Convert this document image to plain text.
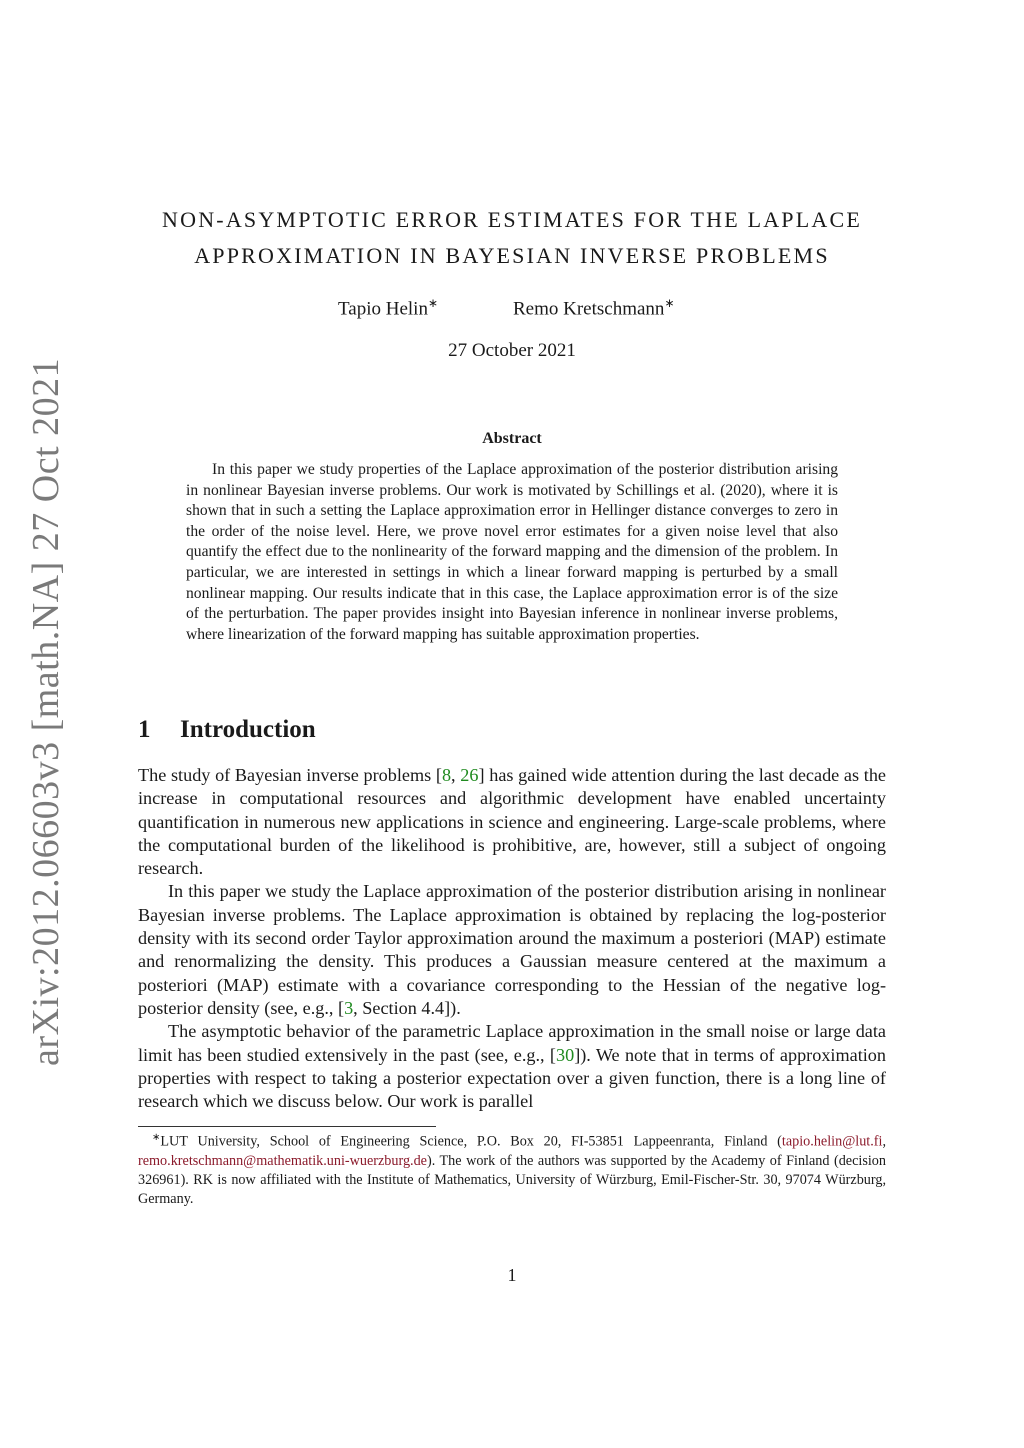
arXiv:2012.06603v3 [math.NA] 27 Oct 2021
NON-ASYMPTOTIC ERROR ESTIMATES FOR THE LAPLACE
APPROXIMATION IN BAYESIAN INVERSE PROBLEMS
Tapio Helin∗	Remo Kretschmann∗
27 October 2021
Abstract
In this paper we study properties of the Laplace approximation of the posterior distribution arising in nonlinear Bayesian inverse problems. Our work is motivated by Schillings et al. (2020), where it is shown that in such a setting the Laplace approximation error in Hellinger distance converges to zero in the order of the noise level. Here, we prove novel error estimates for a given noise level that also quantify the effect due to the nonlinearity of the forward mapping and the dimension of the problem. In particular, we are interested in settings in which a linear forward mapping is perturbed by a small nonlinear mapping. Our results indicate that in this case, the Laplace approximation error is of the size of the perturbation. The paper provides insight into Bayesian inference in nonlinear inverse problems, where linearization of the forward mapping has suitable approximation properties.
1 Introduction

The study of Bayesian inverse problems [8, 26] has gained wide attention during the last decade as the increase in computational resources and algorithmic development have enabled uncertainty quantification in numerous new applications in science and engineering. Large-scale problems, where the computational burden of the likelihood is prohibitive, are, however, still a subject of ongoing research.

In this paper we study the Laplace approximation of the posterior distribution arising in nonlinear Bayesian inverse problems. The Laplace approximation is obtained by replacing the log-posterior density with its second order Taylor approximation around the maximum a posteriori (MAP) estimate and renormalizing the density. This produces a Gaussian measure centered at the maximum a posteriori (MAP) estimate with a covariance corresponding to the Hessian of the negative log-posterior density (see, e.g., [3, Section 4.4]).

The asymptotic behavior of the parametric Laplace approximation in the small noise or large data limit has been studied extensively in the past (see, e.g., [30]). We note that in terms of approximation properties with respect to taking a posterior expectation over a given function, there is a long line of research which we discuss below. Our work is parallel

∗LUT University, School of Engineering Science, P.O. Box 20, FI-53851 Lappeenranta, Finland (tapio.helin@lut.fi, remo.kretschmann@mathematik.uni-wuerzburg.de). The work of the authors was supported by the Academy of Finland (decision 326961). RK is now affiliated with the Institute of Mathematics, University of Würzburg, Emil-Fischer-Str. 30, 97074 Würzburg, Germany.
1
